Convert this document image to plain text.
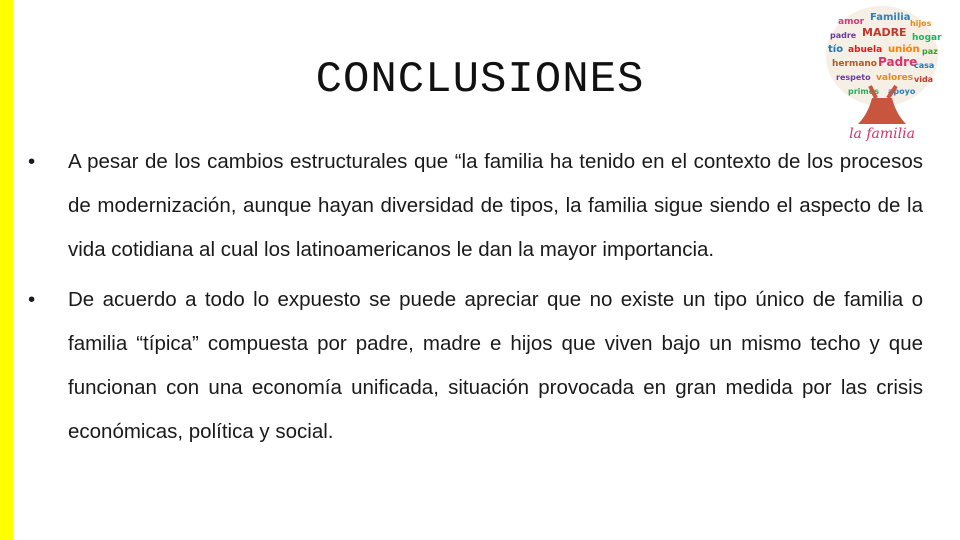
CONCLUSIONES
amor Familia
hijos
padre MADRE hogar
tío abuela unión paz
hermano Padre
casa
respeto valores vida
primos apoyo
la familia

•	A pesar de los cambios estructurales que “la familia ha tenido en el contexto de los procesos de modernización, aunque hayan diversidad de tipos, la familia sigue siendo el aspecto de la vida cotidiana al cual los latinoamericanos le dan la mayor importancia.

•	De acuerdo a todo lo expuesto se puede apreciar que no existe un tipo único de familia o familia “típica” compuesta por padre, madre e hijos que viven bajo un mismo techo y que funcionan con una economía unificada, situación provocada en gran medida por las crisis económicas, política y social.
